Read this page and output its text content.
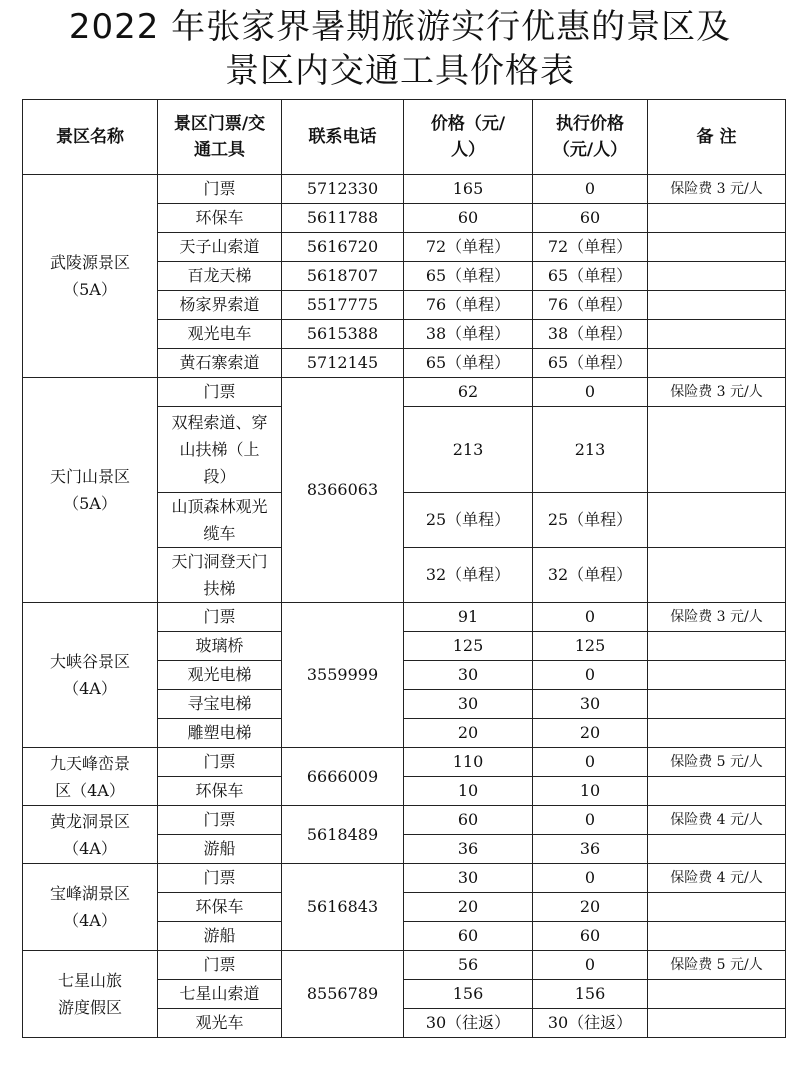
2022 年张家界暑期旅游实行优惠的景区及
景区内交通工具价格表
景区名称	景区门票/交通工具	联系电话	价格（元/人）	执行价格（元/人）	备 注
武陵源景区（5A）	门票	5712330	165	0	保险费 3 元/人
	环保车	5611788	60	60	
	天子山索道	5616720	72（单程）	72（单程）	
	百龙天梯	5618707	65（单程）	65（单程）	
	杨家界索道	5517775	76（单程）	76（单程）	
	观光电车	5615388	38（单程）	38（单程）	
	黄石寨索道	5712145	65（单程）	65（单程）	
天门山景区（5A）	门票	8366063	62	0	保险费 3 元/人
	双程索道、穿山扶梯（上段）		213	213	
	山顶森林观光缆车		25（单程）	25（单程）	
	天门洞登天门扶梯		32（单程）	32（单程）	
大峡谷景区（4A）	门票	3559999	91	0	保险费 3 元/人
	玻璃桥		125	125	
	观光电梯		30	0	
	寻宝电梯		30	30	
	雕塑电梯		20	20	
九天峰峦景区（4A）	门票	6666009	110	0	保险费 5 元/人
	环保车		10	10	
黄龙洞景区（4A）	门票	5618489	60	0	保险费 4 元/人
	游船		36	36	
宝峰湖景区（4A）	门票	5616843	30	0	保险费 4 元/人
	环保车		20	20	
	游船		60	60	
七星山旅游度假区	门票	8556789	56	0	保险费 5 元/人
	七星山索道		156	156	
	观光车		30（往返）	30（往返）	
